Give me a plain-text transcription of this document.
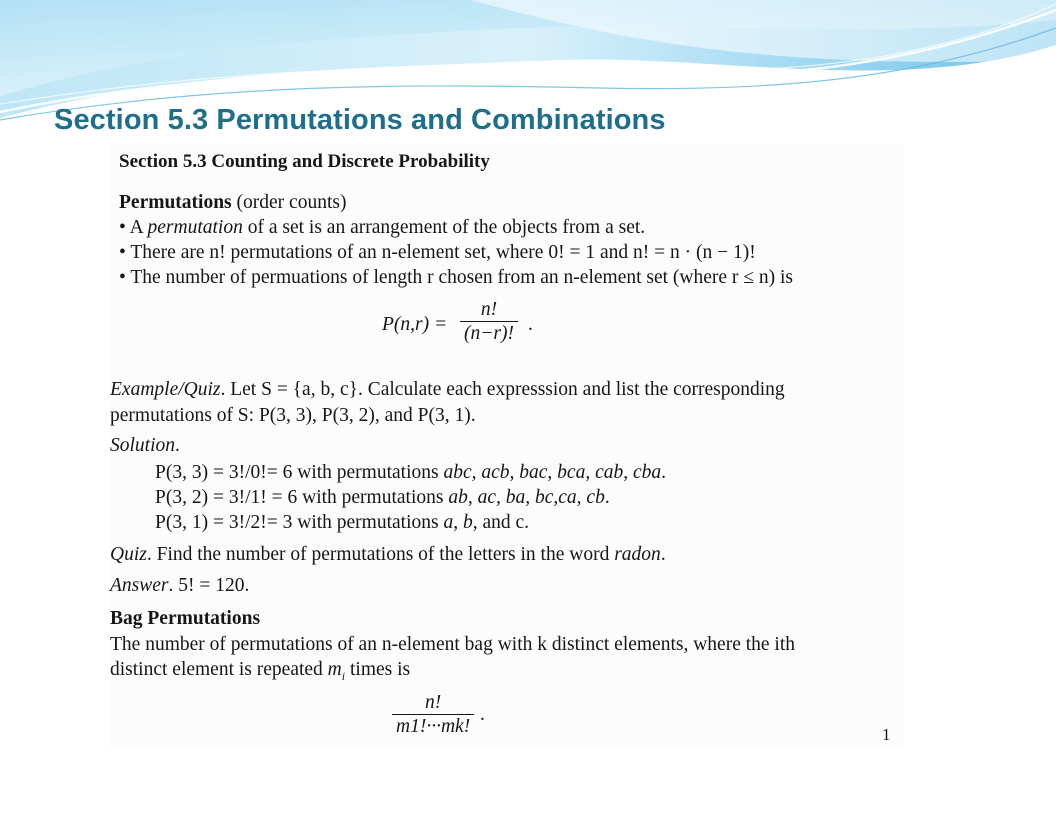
Section 5.3 Permutations and Combinations
Section 5.3 Counting and Discrete Probability
Permutations (order counts)
• A permutation of a set is an arrangement of the objects from a set.
• There are n! permutations of an n-element set, where 0! = 1 and n! = n · (n − 1)!
• The number of permuations of length r chosen from an n-element set (where r ≤ n) is
P(n,r) =
n!
(n−r)! .
Example/Quiz. Let S = {a, b, c}. Calculate each expresssion and list the corresponding
permutations of S: P(3, 3), P(3, 2), and P(3, 1).
Solution.
P(3, 3) = 3!/0!= 6 with permutations abc, acb, bac, bca, cab, cba.
P(3, 2) = 3!/1! = 6 with permutations ab, ac, ba, bc,ca, cb.
P(3, 1) = 3!/2!= 3 with permutations a, b, and c.
Quiz. Find the number of permutations of the letters in the word radon.
Answer. 5! = 120.
Bag Permutations
The number of permutations of an n-element bag with k distinct elements, where the ith
distinct element is repeated $m_i$ times is
n!
m1!···mk!
.
1
